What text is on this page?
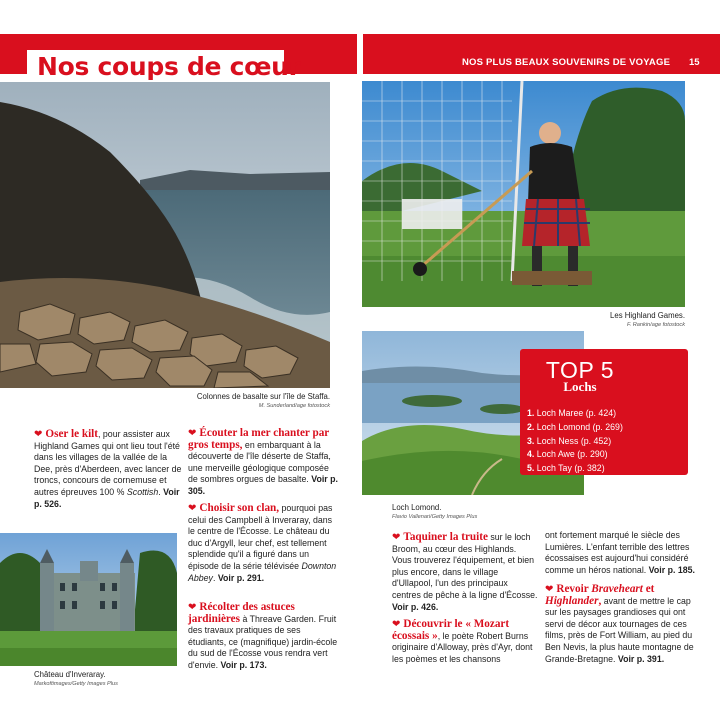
Nos coups de cœur	NOS PLUS BEAUX SOUVENIRS DE VOYAGE 15
Colonnes de basalte sur l'île de Staffa.
M. Sunderland/age fotostock
Les Highland Games.
F. Rankin/age fotostock
Loch Lomond.
Flavio Vallenari/Getty Images Plus
TOP 5
Lochs
1. Loch Maree (p. 424)
2. Loch Lomond (p. 269)
3. Loch Ness (p. 452)
4. Loch Awe (p. 290)
5. Loch Tay (p. 382)
Château d'Inveraray.
Markoftimages/Getty Images Plus
❤ Oser le kilt, pour assister aux Highland Games qui ont lieu tout l'été dans les villages de la vallée de la Dee, près d'Aberdeen, avec lancer de troncs, concours de cornemuse et autres épreuves 100 % Scottish. Voir p. 526.
❤ Écouter la mer chanter par gros temps, en embarquant à la découverte de l'île déserte de Staffa, une merveille géologique composée de sombres orgues de basalte. Voir p. 305.
❤ Choisir son clan, pourquoi pas celui des Campbell à Inveraray, dans le centre de l'Écosse. Le château du duc d'Argyll, leur chef, est tellement splendide qu'il a figuré dans un épisode de la série télévisée Downton Abbey. Voir p. 291.
❤ Récolter des astuces jardinières à Threave Garden. Fruit des travaux pratiques de ses étudiants, ce (magnifique) jardin-école du sud de l'Écosse vous rendra vert d'envie. Voir p. 173.
❤ Taquiner la truite sur le loch Broom, au cœur des Highlands. Vous trouverez l'équipement, et bien plus encore, dans le village d'Ullapool, l'un des principaux centres de pêche à la ligne d'Écosse. Voir p. 426.
❤ Découvrir le « Mozart écossais », le poète Robert Burns originaire d'Alloway, près d'Ayr, dont les poèmes et les chansons
ont fortement marqué le siècle des Lumières. L'enfant terrible des lettres écossaises est aujourd'hui considéré comme un héros national. Voir p. 185.
❤ Revoir Braveheart et Highlander, avant de mettre le cap sur les paysages grandioses qui ont servi de décor aux tournages de ces films, près de Fort William, au pied du Ben Nevis, la plus haute montagne de Grande-Bretagne. Voir p. 391.
